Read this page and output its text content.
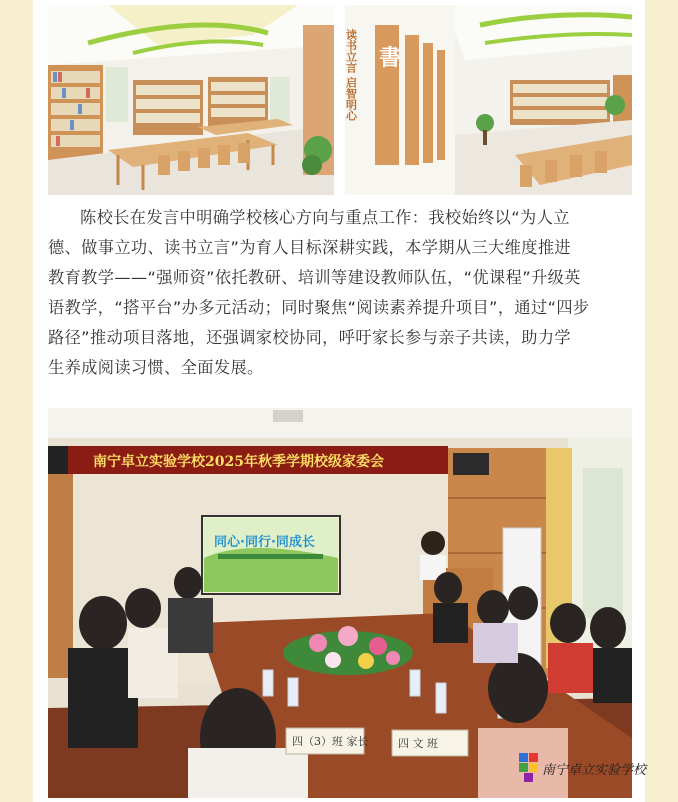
書
读书立言 启智明心
陈校长在发言中明确学校核心方向与重点工作：我校始终以“为人立
德、做事立功、读书立言”为育人目标深耕实践，本学期从三大维度推进
教育教学——“强师资”依托教研、培训等建设教师队伍，“优课程”升级英
语教学，“搭平台”办多元活动；同时聚焦“阅读素养提升项目”，通过“四步
路径”推动项目落地，还强调家校协同，呼吁家长参与亲子共读，助力学
生养成阅读习惯、全面发展。
南宁卓立实验学校2025年秋季学期校级家委会
同心·同行·同成长
四（3）班 家长	四 文 班
南宁卓立实验学校
